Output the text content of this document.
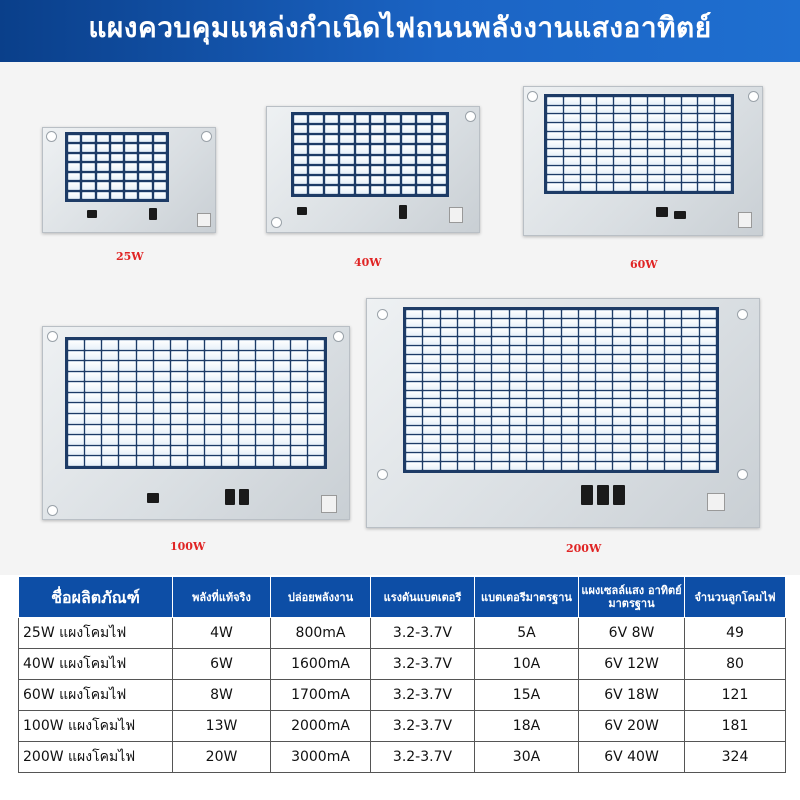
แผงควบคุมแหล่งกำเนิดไฟถนนพลังงานแสงอาทิตย์
25W	40W	60W
100W	200W
ชื่อผลิตภัณฑ์	พลังที่แท้จริง	ปล่อยพลังงาน	แรงดันแบตเตอรี	แบตเตอรีมาตรฐาน	แผงเซลล์แสง อาทิตย์มาตรฐาน	จำนวนลูกโคมไฟ
25W แผงโคมไฟ	4W	800mA	3.2-3.7V	5A	6V 8W	49
40W แผงโคมไฟ	6W	1600mA	3.2-3.7V	10A	6V 12W	80
60W แผงโคมไฟ	8W	1700mA	3.2-3.7V	15A	6V 18W	121
100W แผงโคมไฟ	13W	2000mA	3.2-3.7V	18A	6V 20W	181
200W แผงโคมไฟ	20W	3000mA	3.2-3.7V	30A	6V 40W	324
